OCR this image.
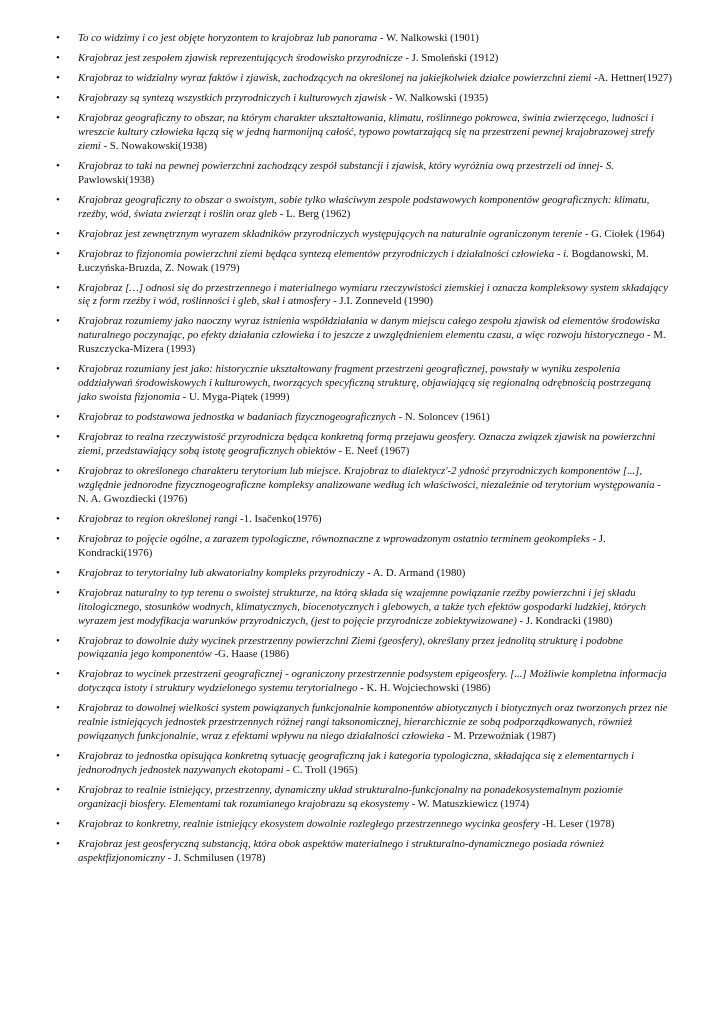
• To co widzimy i co jest objęte horyzontem to krajobraz lub panorama - W. Nalkowski (1901)
• Krajobraz jest zespołem zjawisk reprezentujących środowisko przyrodnicze - J. Smoleński (1912)
• Krajobraz to widzialny wyraz faktów i zjawisk, zachodzących na określonej na jakiejkolwiek działce powierzchni ziemi -A. Hettner(1927)
• Krajobrazy są syntezą wszystkich przyrodniczych i kulturowych zjawisk - W. Nalkowski (1935)
• Krajobraz geograficzny to obszar, na którym charakter ukształtowania, klimatu, roślinnego pokrowca, świnia zwierzęcego, ludności i wreszcie kultury człowieka łączą się w jedną harmonijną całość, typowo powtarzającą się na przestrzeni pewnej krajobrazowej strefy ziemi - S. Nowakowski(1938)
• Krajobraz to taki na pewnej powierzchni zachodzący zespół substancji i zjawisk, który wyróżnia ową przestrzeli od innej- S. Pawlowski(1938)
• Krajobraz geograficzny to obszar o swoistym, sobie tylko właściwym zespole podstawowych komponentów geograficznych: klimatu, rzeźby, wód, świata zwierząt i roślin oraz gleb - L. Berg (1962)
• Krajobraz jest zewnętrznym wyrazem składników przyrodniczych występujących na naturalnie ograniczonym terenie - G. Ciołek (1964)
• Krajobraz to fizjonomia powierzchni ziemi będąca syntezą elementów przyrodniczych i działalności człowieka - i. Bogdanowski, M. Łuczyńska-Bruzda, Z. Nowak (1979)
• Krajobraz […] odnosi się do przestrzennego i materialnego wymiaru rzeczywistości ziemskiej i oznacza kompleksowy system składający się z form rzeźby i wód, roślinności i gleb, skał i atmosfery - J.I. Zonneveld (1990)
• Krajobraz rozumiemy jako naoczny wyraz istnienia współdziałania w danym miejscu całego zespołu zjawisk od elementów środowiska naturalnego poczynając, po efekty działania człowieka i to jeszcze z uwzględnieniem elementu czasu, a więc rozwoju historycznego - M. Ruszczycka-Mizera (1993)
• Krajobraz rozumiany jest jako: historycznie ukształtowany fragment przestrzeni geograficznej, powstały w wyniku zespolenia oddziaływań środowiskowych i kulturowych, tworzących specyficzną strukturę, objawiającą się regionalną odrębnością postrzeganą jako swoista fizjonomia - U. Myga-Piątek (1999)
• Krajobraz to podstawowa jednostka w badaniach fizycznogeograficznych - N. Soloncev (1961)
• Krajobraz to realna rzeczywistość przyrodnicza będąca konkretną formą przejawu geosfery. Oznacza związek zjawisk na powierzchni ziemi, przedstawiający sobą istotę geograficznych obiektów - E. Neef (1967)
• Krajobraz to określonego charakteru terytorium lub miejsce. Krajobraz to dialektycz'-2 ydność przyrodniczych komponentów [...], względnie jednorodne fizycznogeograficzne kompleksy analizowane według ich właściwości, niezależnie od terytorium występowania - N. A. Gwozdiecki (1976)
• Krajobraz to region określonej rangi -1. Isačenko(1976)
• Krajobraz to pojęcie ogólne, a zarazem typologiczne, równoznaczne z wprowadzonym ostatnio terminem geokompleks - J. Kondracki(1976)
• Krajobraz to terytorialny lub akwatorialny kompleks przyrodniczy - A. D. Armand (1980)
• Krajobraz naturalny to typ terenu o swoistej strukturze, na którą składa się wzajemne powiązanie rzeźby powierzchni i jej składu litologicznego, stosunków wodnych, klimatycznych, biocenotycznych i glebowych, a także tych efektów gospodarki ludzkiej, których wyrazem jest modyfikacja warunków przyrodniczych, (jest to pojęcie przyrodnicze zobiektywizowane) - J. Kondracki (1980)
• Krajobraz to dowolnie duży wycinek przestrzenny powierzchni Ziemi (geosfery), określany przez jednolitą strukturę i podobne powiązania jego komponentów -G. Haase (1986)
• Krajobraz to wycinek przestrzeni geograficznej - ograniczony przestrzennie podsystem epigeosfery. [...] Możliwie kompletna informacja dotycząca istoty i struktury wydzielonego systemu terytorialnego - K. H. Wojciechowski (1986)
• Krajobraz to dowolnej wielkości system powiązanych funkcjonalnie komponentów abiotycznych i biotycznych oraz tworzonych przez nie realnie istniejących jednostek przestrzennych różnej rangi taksonomicznej, hierarchicznie ze sobą podporządkowanych, również powiązanych funkcjonalnie, wraz z efektami wpływu na niego działalności człowieka - M. Przewoźniak (1987)
• Krajobraz to jednostka opisująca konkretną sytuację geograficzną jak i kategoria typologiczna, składająca się z elementarnych i jednorodnych jednostek nazywanych ekotopami - C. Troll (1965)
• Krajobraz to realnie istniejący, przestrzenny, dynamiczny układ strukturalno-funkcjonalny na ponadekosystemalnym poziomie organizacji biosfery. Elementami tak rozumianego krajobrazu są ekosystemy - W. Matuszkiewicz (1974)
• Krajobraz to konkretny, realnie istniejący ekosystem dowolnie rozległego przestrzennego wycinka geosfery -H. Leser (1978)
• Krajobraz jest geosferyczną substancją, która obok aspektów materialnego i strukturalno-dynamicznego posiada również aspektfizjonomiczny - J. Schmilusen (1978)
